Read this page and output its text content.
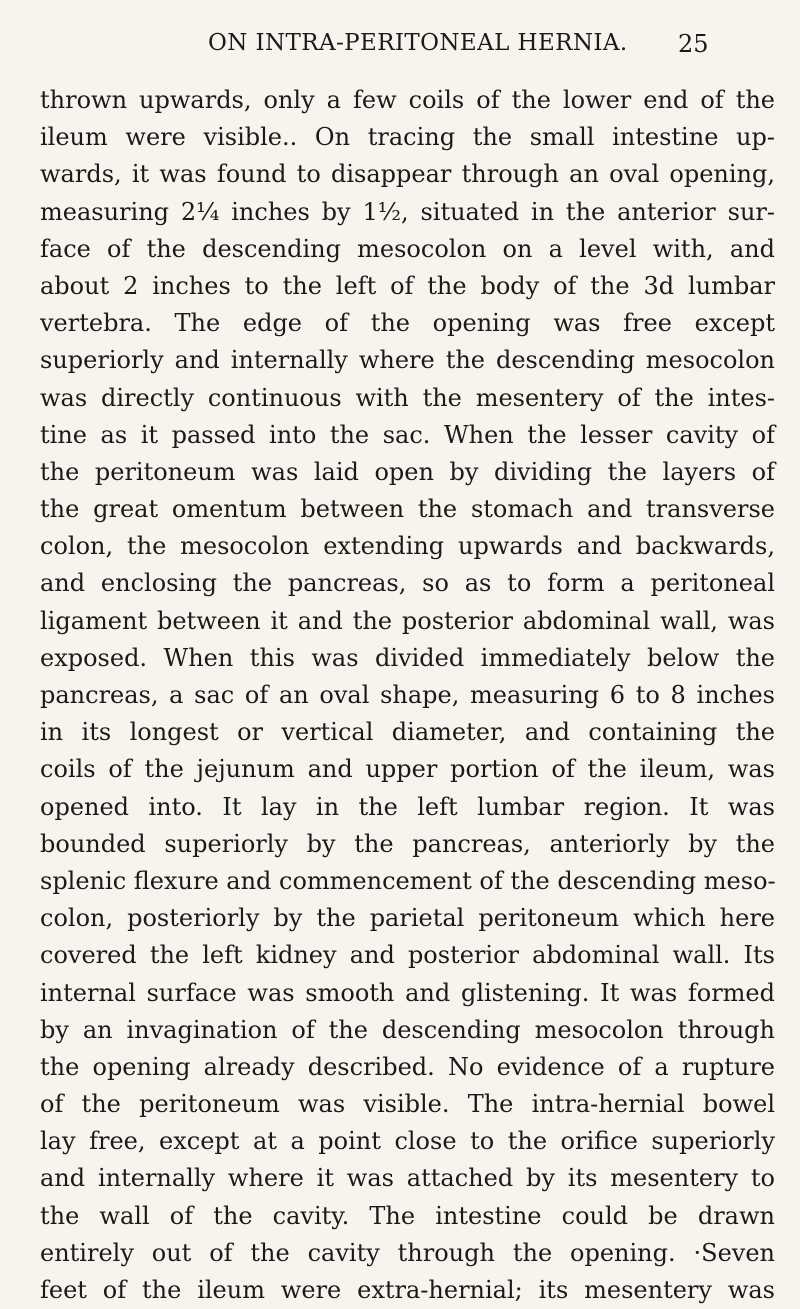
ON INTRA-PERITONEAL HERNIA. 25
thrown upwards, only a few coils of the lower end of the
ileum were visible.. On tracing the small intestine up-
wards, it was found to disappear through an oval opening,
measuring 2¼ inches by 1½, situated in the anterior sur-
face of the descending mesocolon on a level with, and
about 2 inches to the left of the body of the 3d lumbar
vertebra. The edge of the opening was free except
superiorly and internally where the descending mesocolon
was directly continuous with the mesentery of the intes-
tine as it passed into the sac. When the lesser cavity of
the peritoneum was laid open by dividing the layers of
the great omentum between the stomach and transverse
colon, the mesocolon extending upwards and backwards,
and enclosing the pancreas, so as to form a peritoneal
ligament between it and the posterior abdominal wall, was
exposed. When this was divided immediately below the
pancreas, a sac of an oval shape, measuring 6 to 8 inches
in its longest or vertical diameter, and containing the
coils of the jejunum and upper portion of the ileum, was
opened into. It lay in the left lumbar region. It was
bounded superiorly by the pancreas, anteriorly by the
splenic flexure and commencement of the descending meso-
colon, posteriorly by the parietal peritoneum which here
covered the left kidney and posterior abdominal wall. Its
internal surface was smooth and glistening. It was formed
by an invagination of the descending mesocolon through
the opening already described. No evidence of a rupture
of the peritoneum was visible. The intra-hernial bowel
lay free, except at a point close to the orifice superiorly
and internally where it was attached by its mesentery to
the wall of the cavity. The intestine could be drawn
entirely out of the cavity through the opening. ·Seven
feet of the ileum were extra-hernial; its mesentery was
